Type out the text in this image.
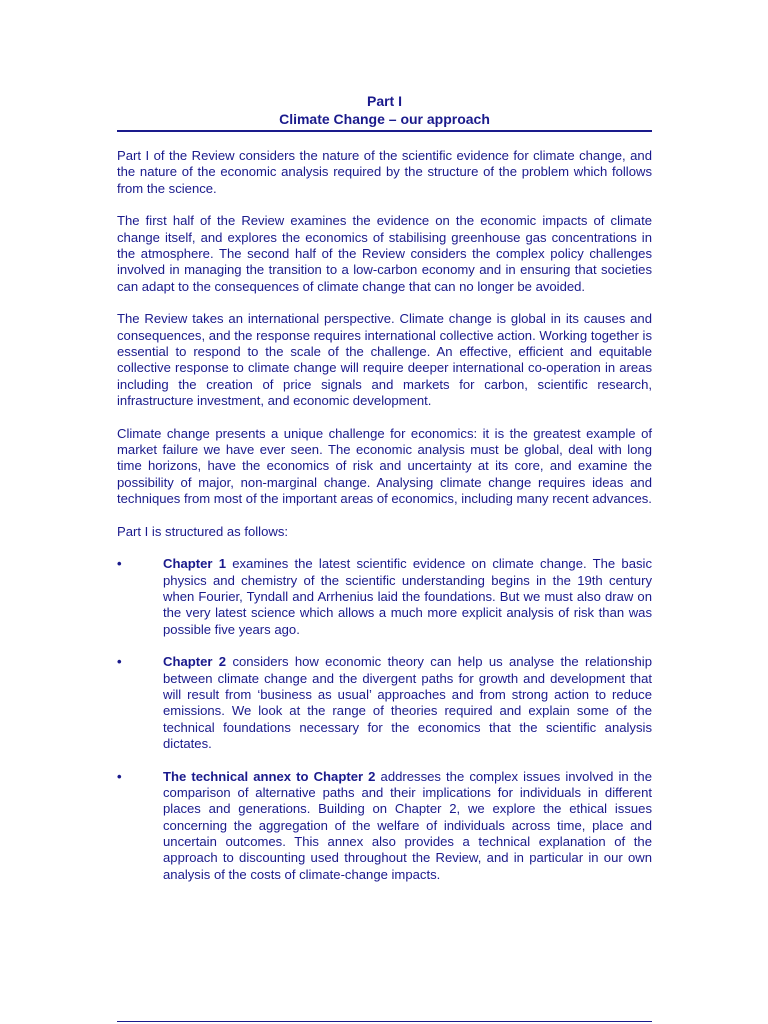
Part I
Climate Change – our approach

Part I of the Review considers the nature of the scientific evidence for climate change, and the nature of the economic analysis required by the structure of the problem which follows from the science.

The first half of the Review examines the evidence on the economic impacts of climate change itself, and explores the economics of stabilising greenhouse gas concentrations in the atmosphere. The second half of the Review considers the complex policy challenges involved in managing the transition to a low-carbon economy and in ensuring that societies can adapt to the consequences of climate change that can no longer be avoided.

The Review takes an international perspective. Climate change is global in its causes and consequences, and the response requires international collective action. Working together is essential to respond to the scale of the challenge. An effective, efficient and equitable collective response to climate change will require deeper international co-operation in areas including the creation of price signals and markets for carbon, scientific research, infrastructure investment, and economic development.

Climate change presents a unique challenge for economics: it is the greatest example of market failure we have ever seen. The economic analysis must be global, deal with long time horizons, have the economics of risk and uncertainty at its core, and examine the possibility of major, non-marginal change. Analysing climate change requires ideas and techniques from most of the important areas of economics, including many recent advances.

Part I is structured as follows:

•	Chapter 1 examines the latest scientific evidence on climate change. The basic physics and chemistry of the scientific understanding begins in the 19th century when Fourier, Tyndall and Arrhenius laid the foundations. But we must also draw on the very latest science which allows a much more explicit analysis of risk than was possible five years ago.
•	Chapter 2 considers how economic theory can help us analyse the relationship between climate change and the divergent paths for growth and development that will result from ‘business as usual’ approaches and from strong action to reduce emissions. We look at the range of theories required and explain some of the technical foundations necessary for the economics that the scientific analysis dictates.
•	The technical annex to Chapter 2 addresses the complex issues involved in the comparison of alternative paths and their implications for individuals in different places and generations. Building on Chapter 2, we explore the ethical issues concerning the aggregation of the welfare of individuals across time, place and uncertain outcomes. This annex also provides a technical explanation of the approach to discounting used throughout the Review, and in particular in our own analysis of the costs of climate-change impacts.
